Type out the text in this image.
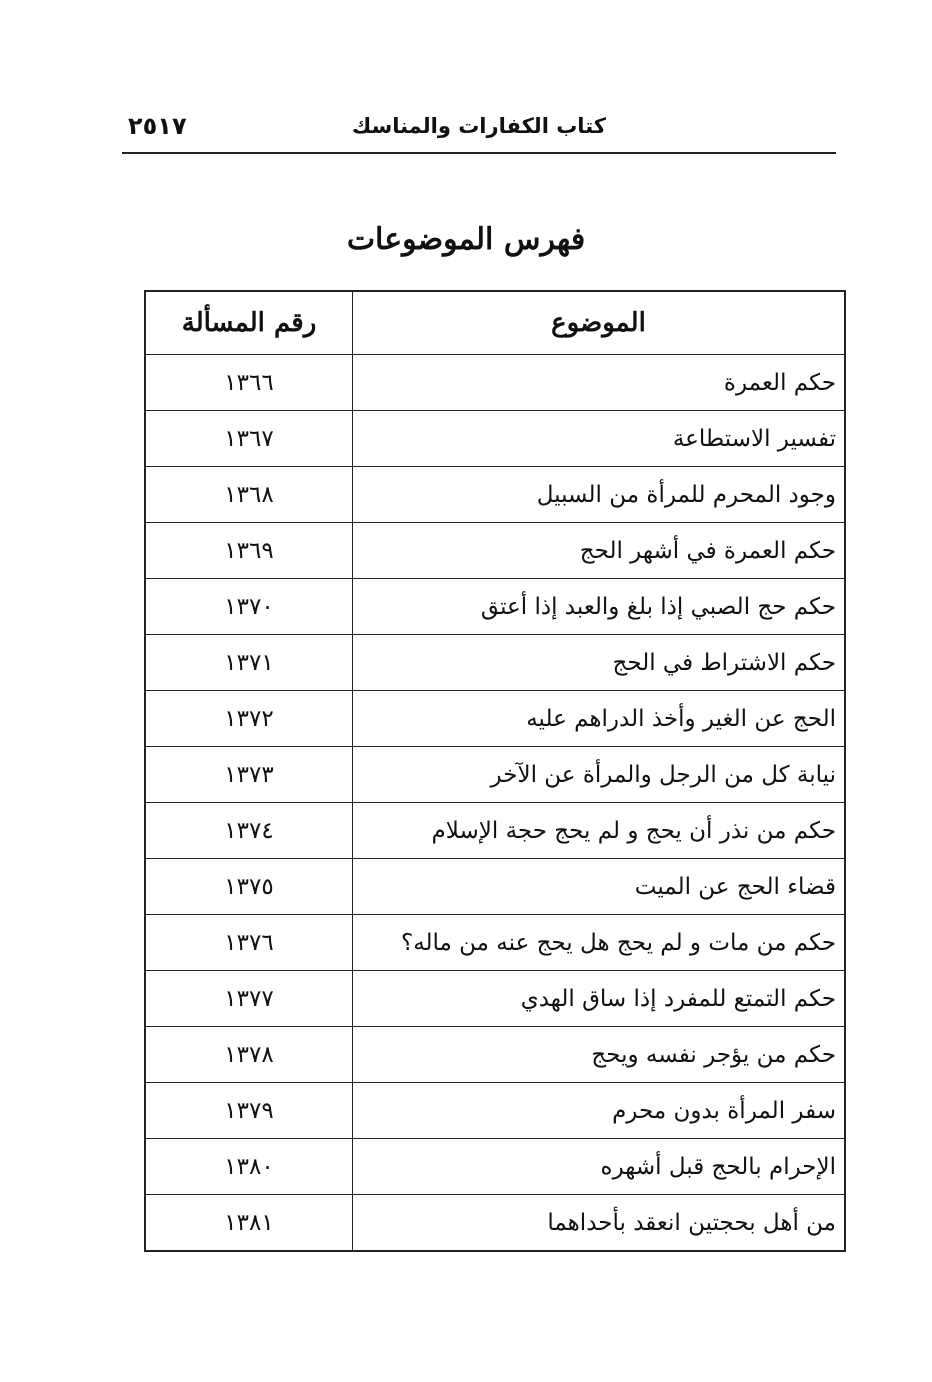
٢٥١٧	كتاب الكفارات والمناسك
فهرس الموضوعات
الموضوع	رقم المسألة
حكم العمرة	١٣٦٦
تفسير الاستطاعة	١٣٦٧
وجود المحرم للمرأة من السبيل	١٣٦٨
حكم العمرة في أشهر الحج	١٣٦٩
حكم حج الصبي إذا بلغ والعبد إذا أعتق	١٣٧٠
حكم الاشتراط في الحج	١٣٧١
الحج عن الغير وأخذ الدراهم عليه	١٣٧٢
نيابة كل من الرجل والمرأة عن الآخر	١٣٧٣
حكم من نذر أن يحج و لم يحج حجة الإسلام	١٣٧٤
قضاء الحج عن الميت	١٣٧٥
حكم من مات و لم يحج هل يحج عنه من ماله؟	١٣٧٦
حكم التمتع للمفرد إذا ساق الهدي	١٣٧٧
حكم من يؤجر نفسه ويحج	١٣٧٨
سفر المرأة بدون محرم	١٣٧٩
الإحرام بالحج قبل أشهره	١٣٨٠
من أهل بحجتين انعقد بأحداهما	١٣٨١
